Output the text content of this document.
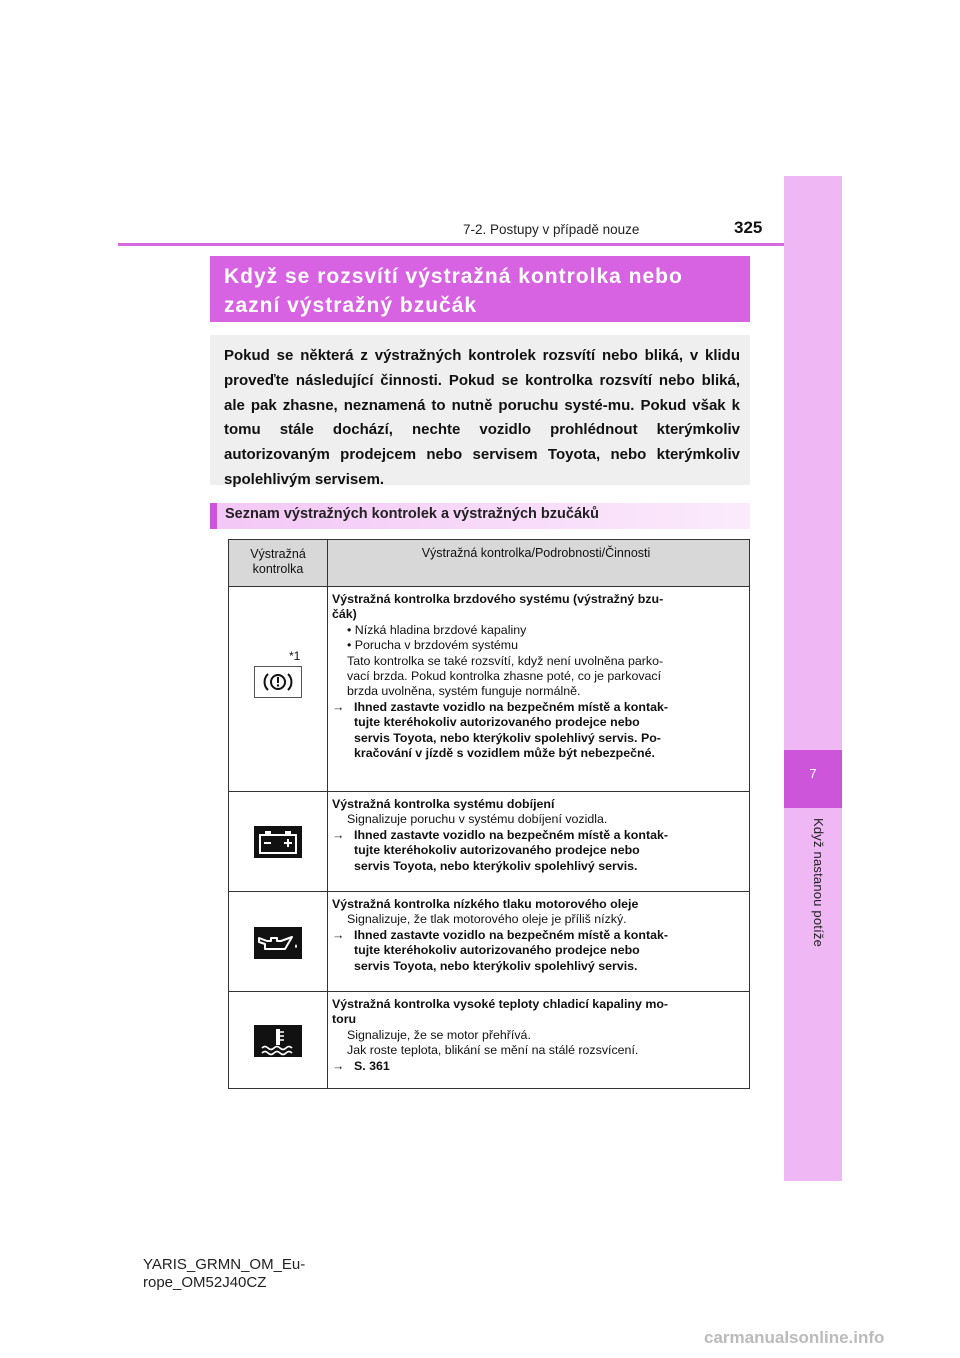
7
Když nastanou potíže
7-2. Postupy v případě nouze	325
Když se rozsvítí výstražná kontrolka nebo
zazní výstražný bzučák
Pokud se některá z výstražných kontrolek rozsvítí nebo bliká, v klidu proveďte následující činnosti. Pokud se kontrolka rozsvítí nebo bliká, ale pak zhasne, neznamená to nutně poruchu systé-mu. Pokud však k tomu stále dochází, nechte vozidlo prohlédnout kterýmkoliv autorizovaným prodejcem nebo servisem Toyota, nebo kterýmkoliv spolehlivým servisem.
Seznam výstražných kontrolek a výstražných bzučáků
Výstražná
kontrolka
Výstražná kontrolka/Podrobnosti/Činnosti
*1
Výstražná kontrolka brzdového systému (výstražný bzu-
čák)
• Nízká hladina brzdové kapaliny
• Porucha v brzdovém systému
Tato kontrolka se také rozsvítí, když není uvolněna parko-
vací brzda. Pokud kontrolka zhasne poté, co je parkovací
brzda uvolněna, systém funguje normálně.
→ Ihned zastavte vozidlo na bezpečném místě a kontak-
tujte kteréhokoliv autorizovaného prodejce nebo
servis Toyota, nebo kterýkoliv spolehlivý servis. Po-
kračování v jízdě s vozidlem může být nebezpečné.
Výstražná kontrolka systému dobíjení
Signalizuje poruchu v systému dobíjení vozidla.
→ Ihned zastavte vozidlo na bezpečném místě a kontak-
tujte kteréhokoliv autorizovaného prodejce nebo
servis Toyota, nebo kterýkoliv spolehlivý servis.
Výstražná kontrolka nízkého tlaku motorového oleje
Signalizuje, že tlak motorového oleje je příliš nízký.
→ Ihned zastavte vozidlo na bezpečném místě a kontak-
tujte kteréhokoliv autorizovaného prodejce nebo
servis Toyota, nebo kterýkoliv spolehlivý servis.
Výstražná kontrolka vysoké teploty chladicí kapaliny mo-
toru
Signalizuje, že se motor přehřívá.
Jak roste teplota, blikání se mění na stálé rozsvícení.
→ S. 361
YARIS_GRMN_OM_Eu-
rope_OM52J40CZ
carmanualsonline.info
